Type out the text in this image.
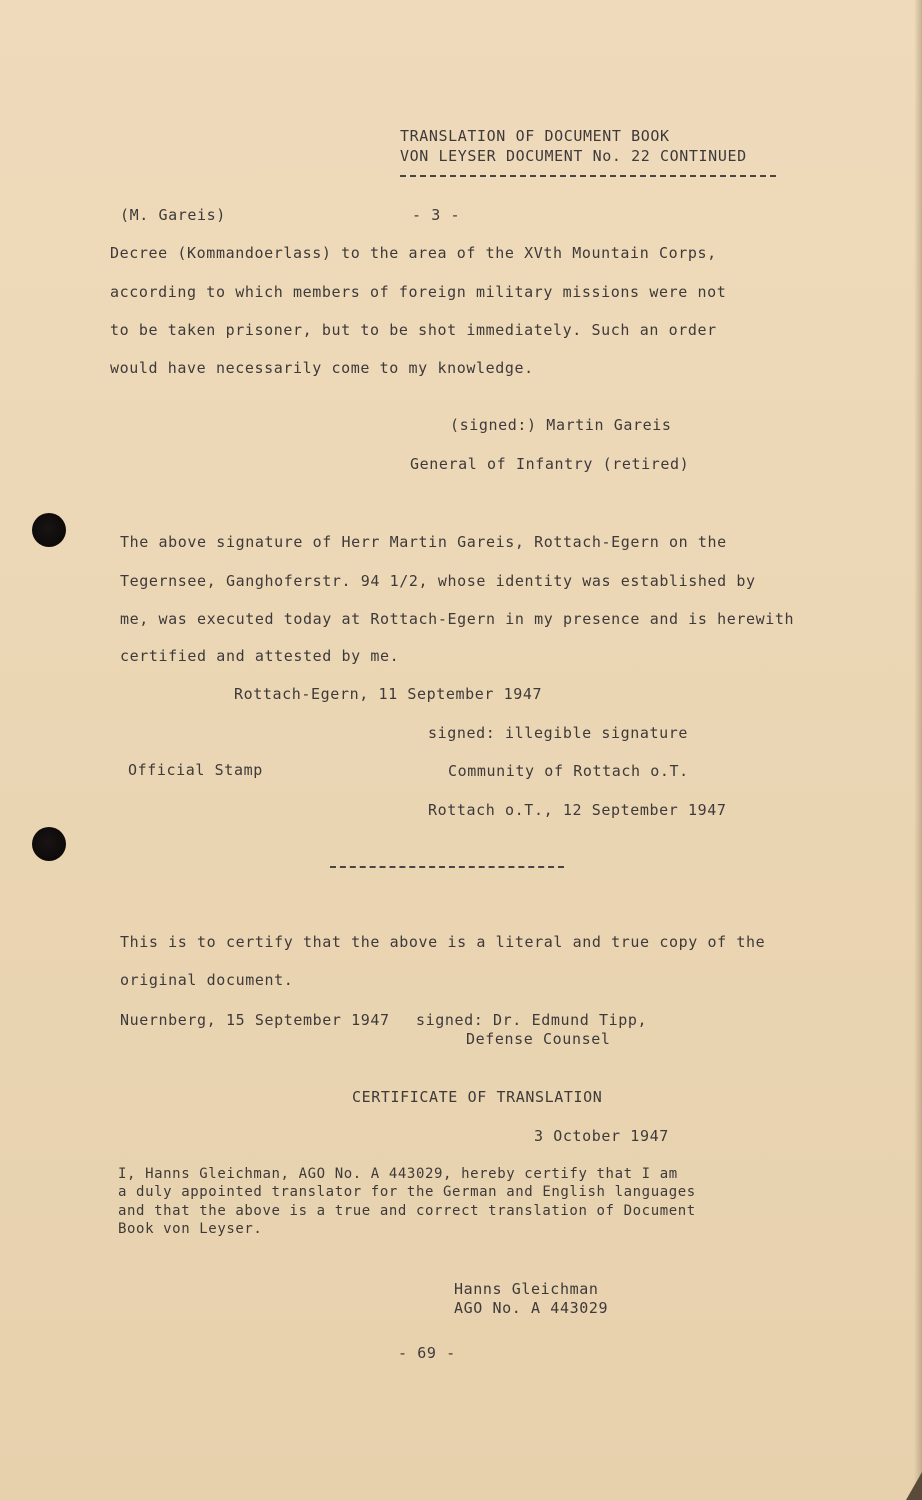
TRANSLATION OF DOCUMENT BOOK
VON LEYSER DOCUMENT No. 22 CONTINUED
(M. Gareis)	- 3 -
Decree (Kommandoerlass) to the area of the XVth Mountain Corps,
according to which members of foreign military missions were not
to be taken prisoner, but to be shot immediately. Such an order
would have necessarily come to my knowledge.
(signed:) Martin Gareis
General of Infantry (retired)
The above signature of Herr Martin Gareis, Rottach-Egern on the
Tegernsee, Ganghoferstr. 94 1/2, whose identity was established by
me, was executed today at Rottach-Egern in my presence and is herewith
certified and attested by me.
Rottach-Egern, 11 September 1947
signed: illegible signature
Official Stamp	Community of Rottach o.T.
Rottach o.T., 12 September 1947
This is to certify that the above is a literal and true copy of the
original document.
Nuernberg, 15 September 1947 signed: Dr. Edmund Tipp,
Defense Counsel
CERTIFICATE OF TRANSLATION
3 October 1947
I, Hanns Gleichman, AGO No. A 443029, hereby certify that I am
a duly appointed translator for the German and English languages
and that the above is a true and correct translation of Document
Book von Leyser.
Hanns Gleichman
AGO No. A 443029
- 69 -
